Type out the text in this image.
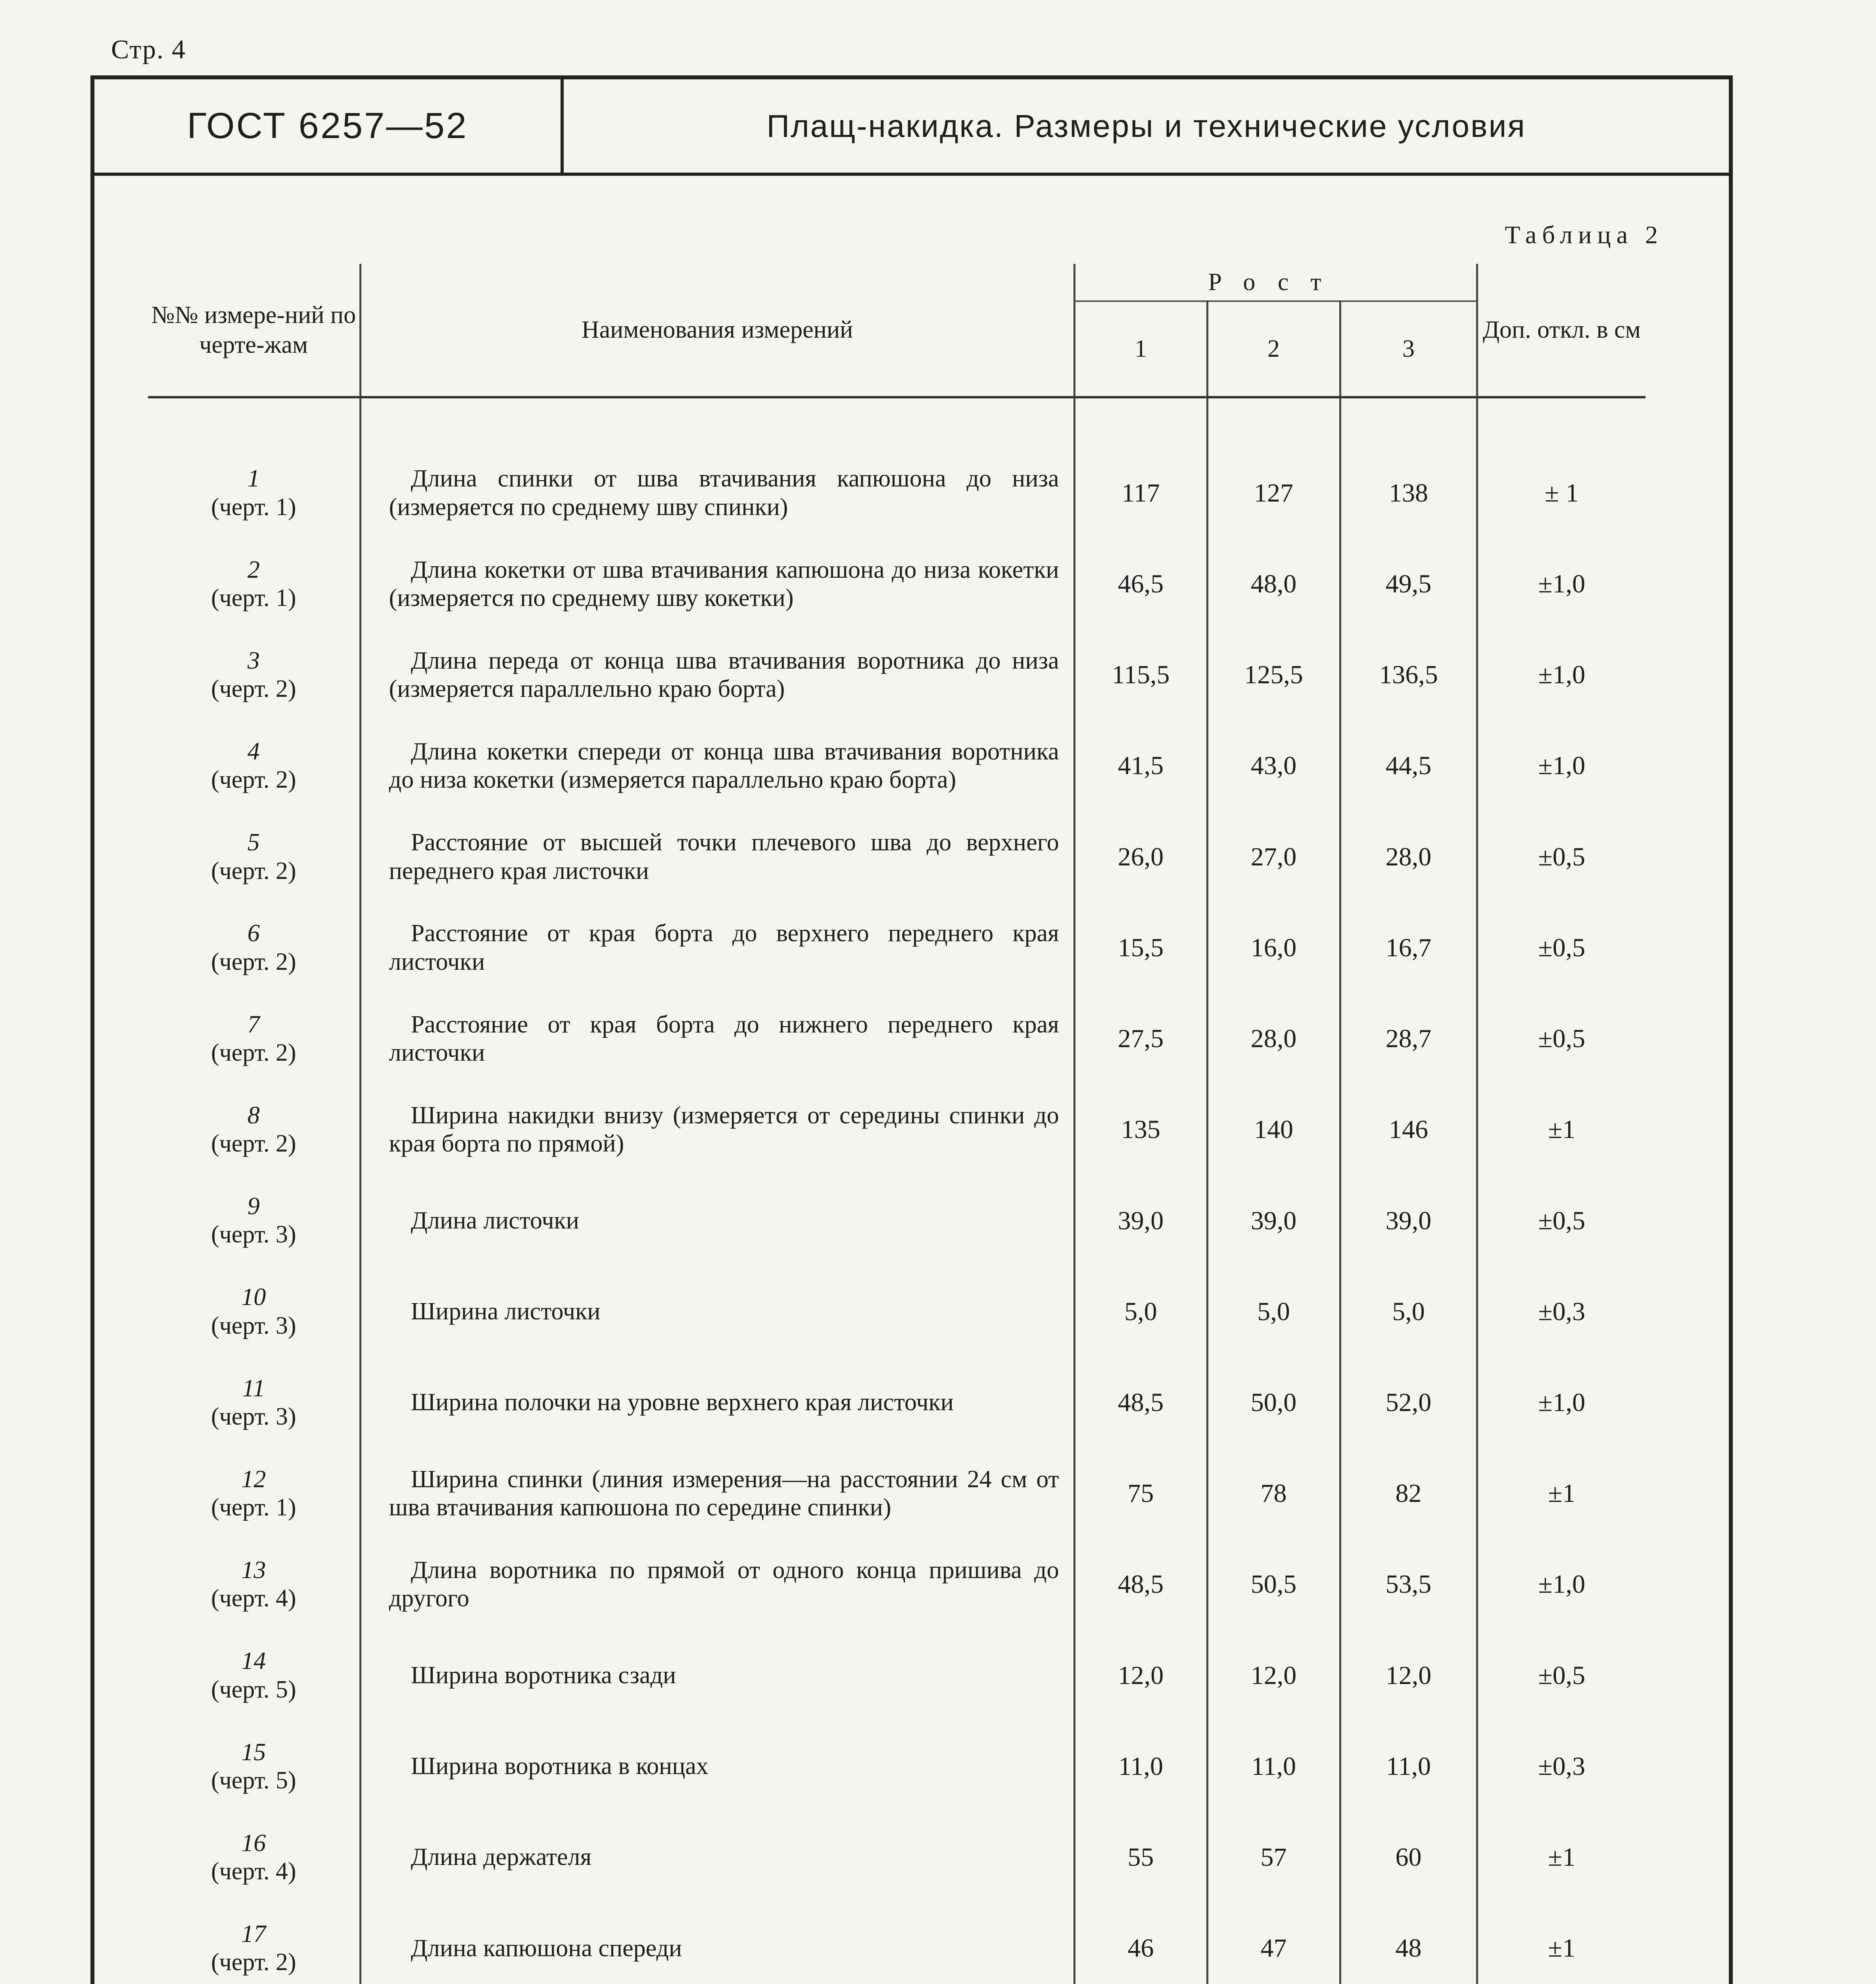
Стр. 4
ГОСТ 6257—52	Плащ-накидка. Размеры и технические условия
Таблица 2
№№ измере-ний по черте-жам	Наименования измерений	Рост			Доп. откл. в см
		1	2	3	

1
(черт. 1)	Длина спинки от шва втачивания капюшона до низа (измеряется по среднему шву спинки)	117	127	138	± 1

2
(черт. 1)	Длина кокетки от шва втачивания капюшона до низа кокетки (измеряется по среднему шву кокетки)	46,5	48,0	49,5	±1,0

3
(черт. 2)	Длина переда от конца шва втачивания воротника до низа (измеряется параллельно краю борта)	115,5	125,5	136,5	±1,0

4
(черт. 2)	Длина кокетки спереди от конца шва втачивания воротника до низа кокетки (измеряется параллельно краю борта)	41,5	43,0	44,5	±1,0

5
(черт. 2)	Расстояние от высшей точки плечевого шва до верхнего переднего края листочки	26,0	27,0	28,0	±0,5

6
(черт. 2)	Расстояние от края борта до верхнего переднего края листочки	15,5	16,0	16,7	±0,5

7
(черт. 2)	Расстояние от края борта до нижнего переднего края листочки	27,5	28,0	28,7	±0,5

8
(черт. 2)	Ширина накидки внизу (измеряется от середины спинки до края борта по прямой)	135	140	146	±1

9
(черт. 3)	Длина листочки	39,0	39,0	39,0	±0,5

10
(черт. 3)	Ширина листочки	5,0	5,0	5,0	±0,3

11
(черт. 3)	Ширина полочки на уровне верхнего края листочки	48,5	50,0	52,0	±1,0

12
(черт. 1)	Ширина спинки (линия измерения—на расстоянии 24 см от шва втачивания капюшона по середине спинки)	75	78	82	±1

13
(черт. 4)	Длина воротника по прямой от одного конца пришива до другого	48,5	50,5	53,5	±1,0

14
(черт. 5)	Ширина воротника сзади	12,0	12,0	12,0	±0,5

15
(черт. 5)	Ширина воротника в концах	11,0	11,0	11,0	±0,3

16
(черт. 4)	Длина держателя	55	57	60	±1

17
(черт. 2)	Длина капюшона спереди	46	47	48	±1
